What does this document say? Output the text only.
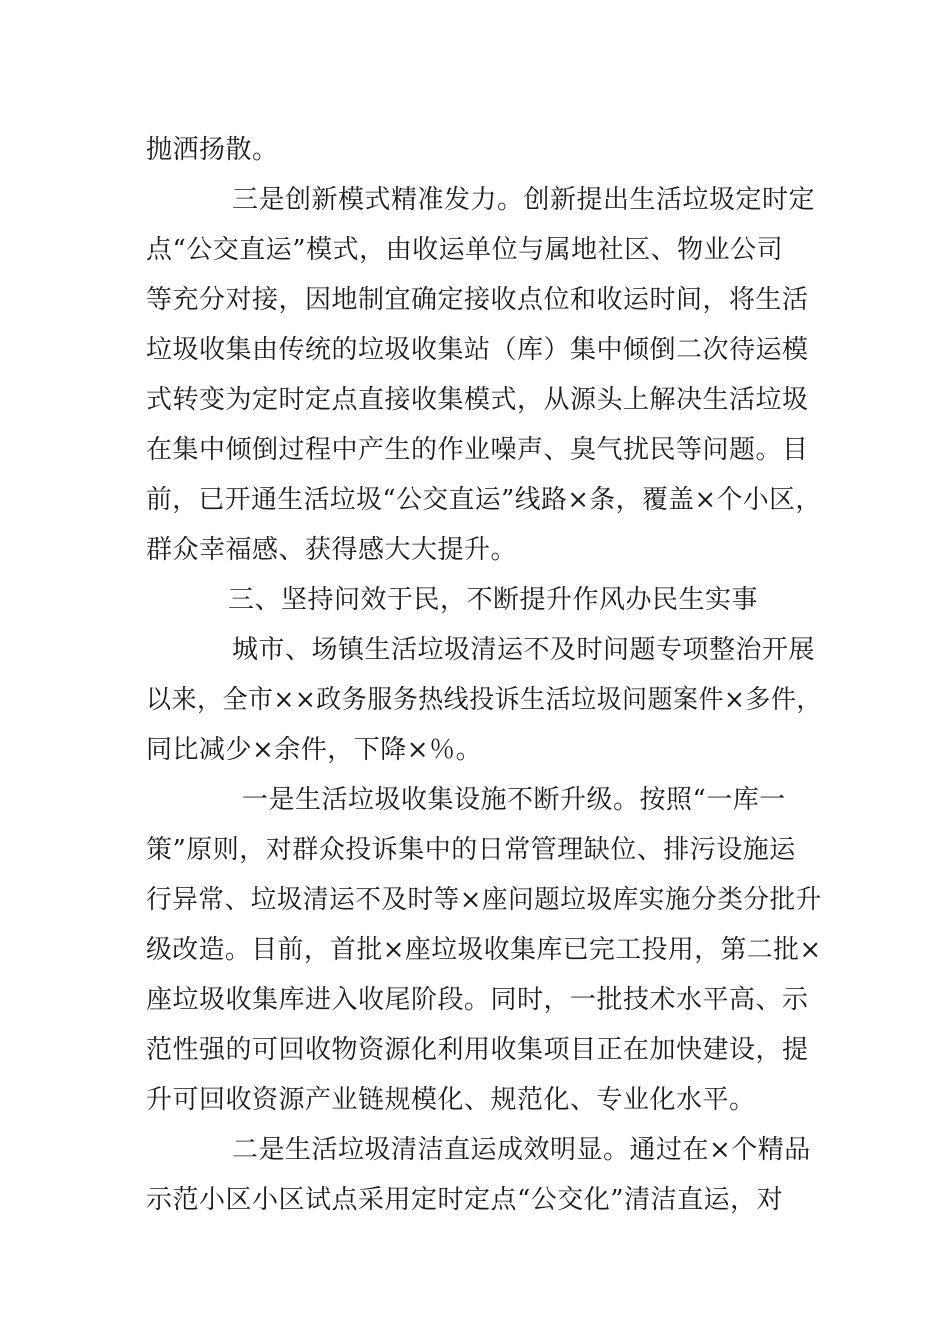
抛洒扬散。
三是创新模式精准发力。创新提出生活垃圾定时定
点“公交直运”模式，由收运单位与属地社区、物业公司
等充分对接，因地制宜确定接收点位和收运时间，将生活
垃圾收集由传统的垃圾收集站（库）集中倾倒二次待运模
式转变为定时定点直接收集模式，从源头上解决生活垃圾
在集中倾倒过程中产生的作业噪声、臭气扰民等问题。目
前，已开通生活垃圾“公交直运”线路×条，覆盖×个小区，
群众幸福感、获得感大大提升。
三、坚持问效于民，不断提升作风办民生实事
城市、场镇生活垃圾清运不及时问题专项整治开展
以来，全市××政务服务热线投诉生活垃圾问题案件×多件，
同比减少×余件，下降×％。
一是生活垃圾收集设施不断升级。按照“一库一
策”原则，对群众投诉集中的日常管理缺位、排污设施运
行异常、垃圾清运不及时等×座问题垃圾库实施分类分批升
级改造。目前，首批×座垃圾收集库已完工投用，第二批×
座垃圾收集库进入收尾阶段。同时，一批技术水平高、示
范性强的可回收物资源化利用收集项目正在加快建设，提
升可回收资源产业链规模化、规范化、专业化水平。
二是生活垃圾清洁直运成效明显。通过在×个精品
示范小区小区试点采用定时定点“公交化”清洁直运，对
